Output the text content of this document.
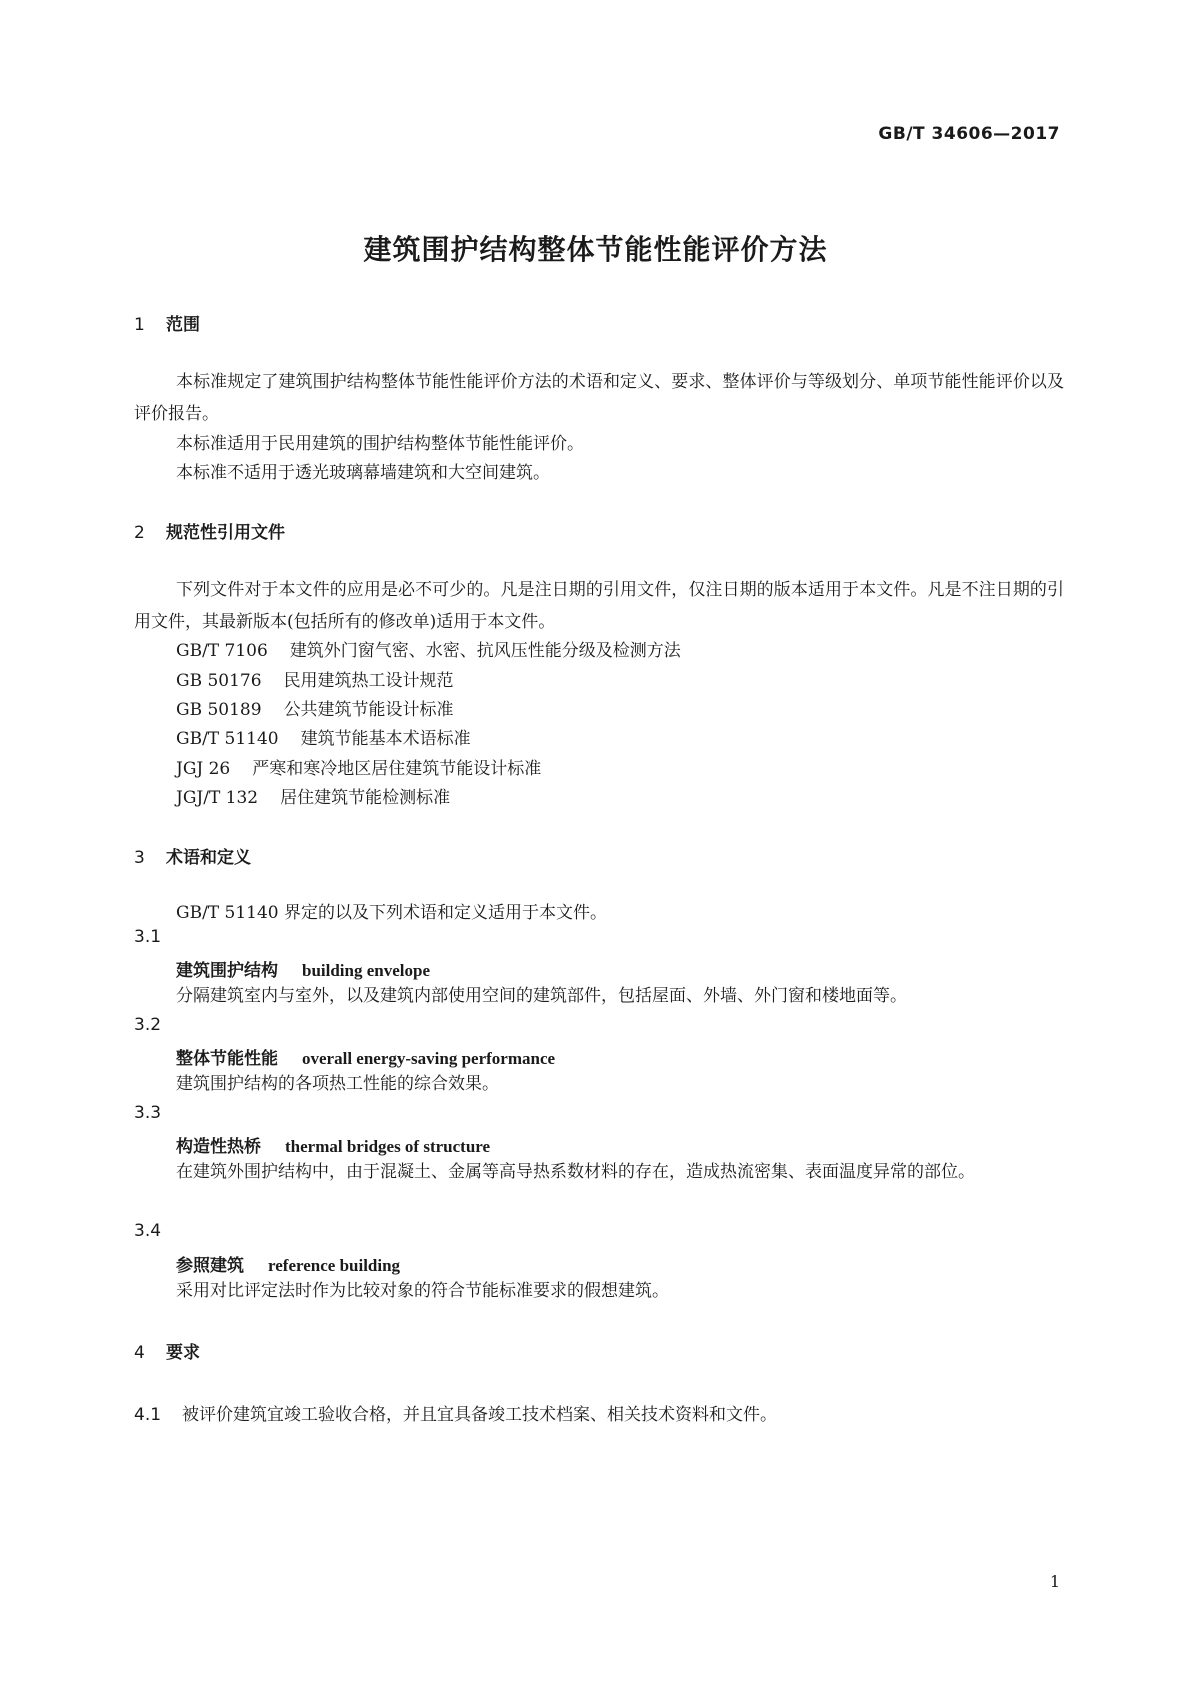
GB/T 34606—2017
建筑围护结构整体节能性能评价方法
1 范围
本标准规定了建筑围护结构整体节能性能评价方法的术语和定义、要求、整体评价与等级划分、单项节能性能评价以及评价报告。
本标准适用于民用建筑的围护结构整体节能性能评价。
本标准不适用于透光玻璃幕墙建筑和大空间建筑。
2 规范性引用文件
下列文件对于本文件的应用是必不可少的。凡是注日期的引用文件，仅注日期的版本适用于本文件。凡是不注日期的引用文件，其最新版本(包括所有的修改单)适用于本文件。
GB/T 7106 建筑外门窗气密、水密、抗风压性能分级及检测方法
GB 50176 民用建筑热工设计规范
GB 50189 公共建筑节能设计标准
GB/T 51140 建筑节能基本术语标准
JGJ 26 严寒和寒冷地区居住建筑节能设计标准
JGJ/T 132 居住建筑节能检测标准
3 术语和定义
GB/T 51140 界定的以及下列术语和定义适用于本文件。
3.1
建筑围护结构 building envelope
分隔建筑室内与室外，以及建筑内部使用空间的建筑部件，包括屋面、外墙、外门窗和楼地面等。
3.2
整体节能性能 overall energy-saving performance
建筑围护结构的各项热工性能的综合效果。
3.3
构造性热桥 thermal bridges of structure
在建筑外围护结构中，由于混凝土、金属等高导热系数材料的存在，造成热流密集、表面温度异常的部位。
3.4
参照建筑 reference building
采用对比评定法时作为比较对象的符合节能标准要求的假想建筑。
4 要求
4.1 被评价建筑宜竣工验收合格，并且宜具备竣工技术档案、相关技术资料和文件。
1
